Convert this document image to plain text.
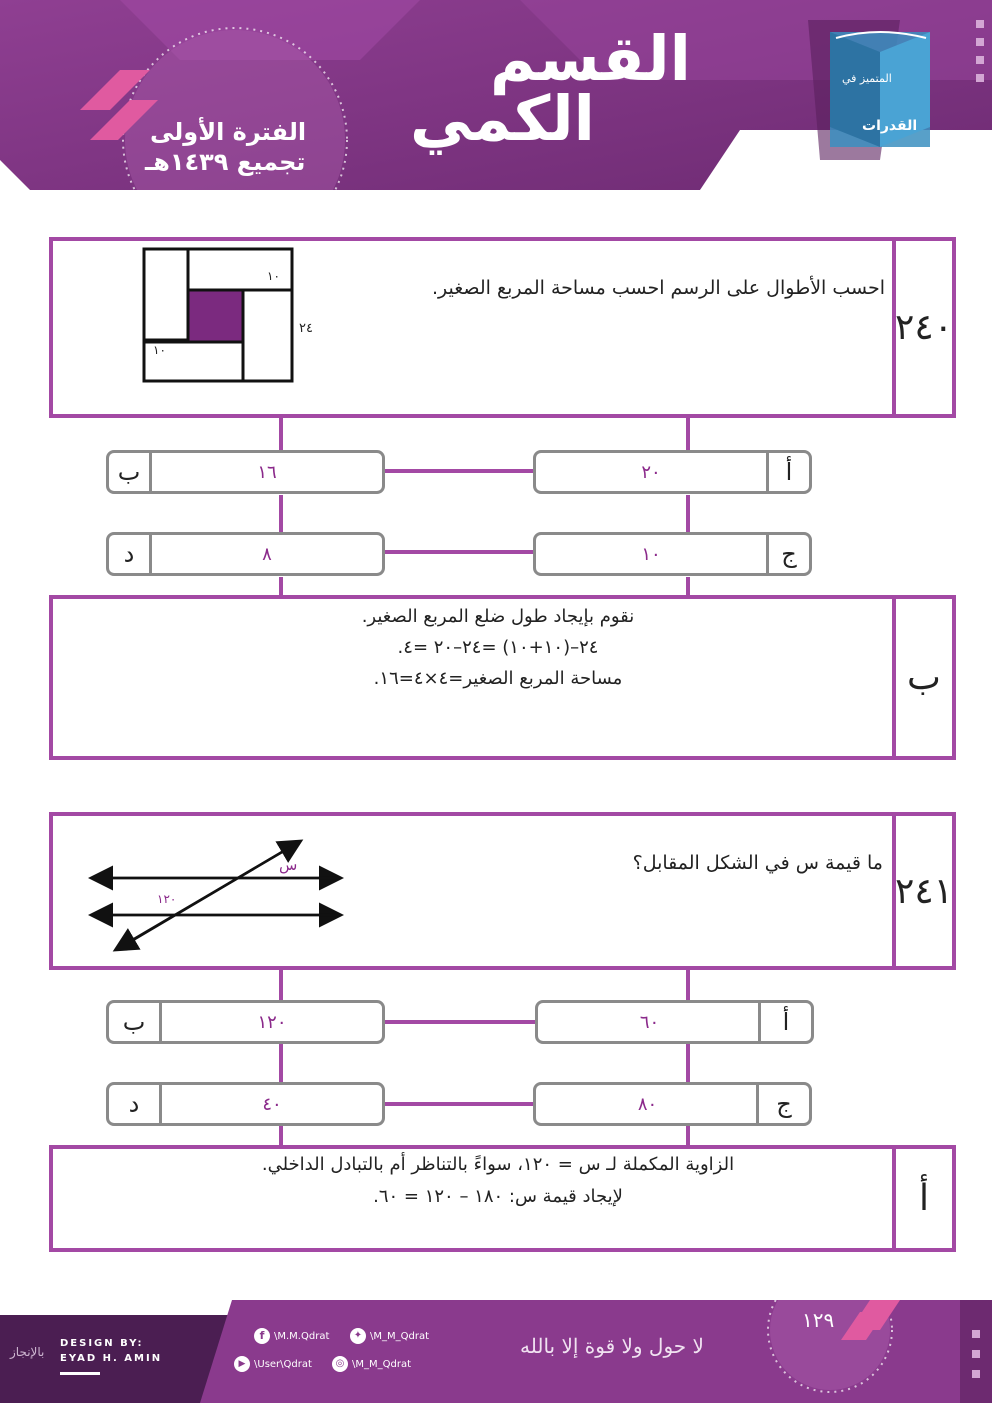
القسم
الكمي
الفترة الأولى
تجميع ١٤٣٩هـ
المتميز في
القدرات
٢٤٠
احسب الأطوال على الرسم احسب مساحة المربع الصغير.
١٠
٢٤
١٠
أ
٢٠
ب	١٦
ج
١٠
د	٨
ب
نقوم بإيجاد طول ضلع المربع الصغير.
٢٤–(١٠+١٠) =٢٤–٢٠ =٤.
مساحة المربع الصغير=٤×٤=١٦.
٢٤١
ما قيمة س في الشكل المقابل؟
س
١٢٠
أ
٦٠
ب	١٢٠
ج
٨٠
د	٤٠
أ
الزاوية المكملة لـ س = ١٢٠، سواءً بالتناظر أم بالتبادل الداخلي.
لإيجاد قيمة س: ١٨٠ – ١٢٠ = ٦٠.
١٢٩
DESIGN BY:
EYAD H. AMIN
بالإنجاز
f \M.M.Qdrat	✦ \M_M_Qdrat
▶ \User\Qdrat	◎ \M_M_Qdrat
لا حول ولا قوة إلا بالله
